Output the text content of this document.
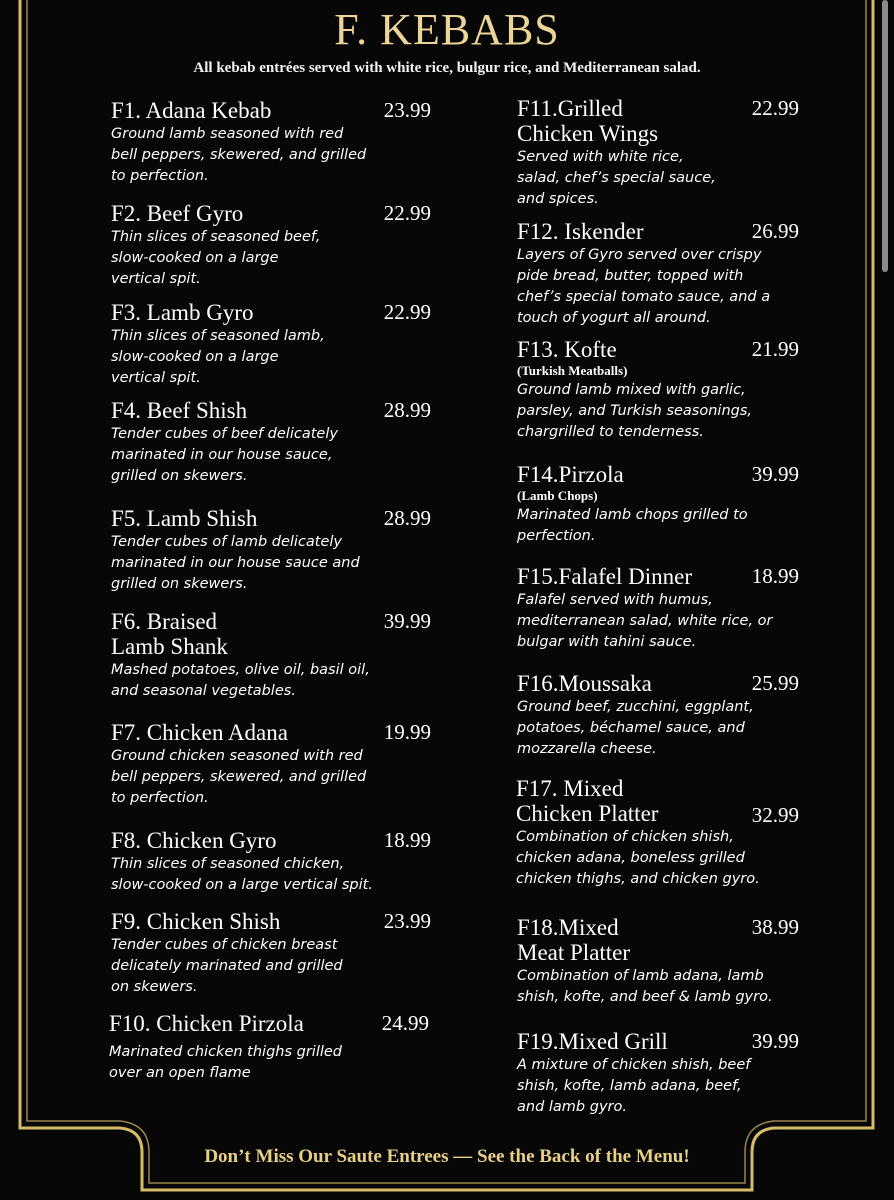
F. KEBABS
All kebab entrées served with white rice, bulgur rice, and Mediterranean salad.
F1. Adana Kebab	23.99
Ground lamb seasoned with red
bell peppers, skewered, and grilled
to perfection.
F2. Beef Gyro	22.99
Thin slices of seasoned beef,
slow-cooked on a large
vertical spit.
F3. Lamb Gyro	22.99
Thin slices of seasoned lamb,
slow-cooked on a large
vertical spit.
F4. Beef Shish	28.99
Tender cubes of beef delicately
marinated in our house sauce,
grilled on skewers.
F5. Lamb Shish	28.99
Tender cubes of lamb delicately
marinated in our house sauce and
grilled on skewers.
F6. Braised
Lamb Shank
39.99
Mashed potatoes, olive oil, basil oil,
and seasonal vegetables.
F7. Chicken Adana	19.99
Ground chicken seasoned with red
bell peppers, skewered, and grilled
to perfection.
F8. Chicken Gyro	18.99
Thin slices of seasoned chicken,
slow-cooked on a large vertical spit.
F9. Chicken Shish	23.99
Tender cubes of chicken breast
delicately marinated and grilled
on skewers.
F10. Chicken Pirzola	24.99
Marinated chicken thighs grilled
over an open flame
F11.Grilled
Chicken Wings
22.99
Served with white rice,
salad, chef’s special sauce,
and spices.
F12. Iskender	26.99
Layers of Gyro served over crispy
pide bread, butter, topped with
chef’s special tomato sauce, and a
touch of yogurt all around.
F13. Kofte	21.99
(Turkish Meatballs)
Ground lamb mixed with garlic,
parsley, and Turkish seasonings,
chargrilled to tenderness.
F14.Pirzola	39.99
(Lamb Chops)
Marinated lamb chops grilled to
perfection.
F15.Falafel Dinner	18.99
Falafel served with humus,
mediterranean salad, white rice, or
bulgar with tahini sauce.
F16.Moussaka	25.99
Ground beef, zucchini, eggplant,
potatoes, béchamel sauce, and
mozzarella cheese.
F17. Mixed
Chicken Platter	32.99
Combination of chicken shish,
chicken adana, boneless grilled
chicken thighs, and chicken gyro.
F18.Mixed
Meat Platter
38.99
Combination of lamb adana, lamb
shish, kofte, and beef & lamb gyro.
F19.Mixed Grill	39.99
A mixture of chicken shish, beef
shish, kofte, lamb adana, beef,
and lamb gyro.
Don’t Miss Our Saute Entrees — See the Back of the Menu!
